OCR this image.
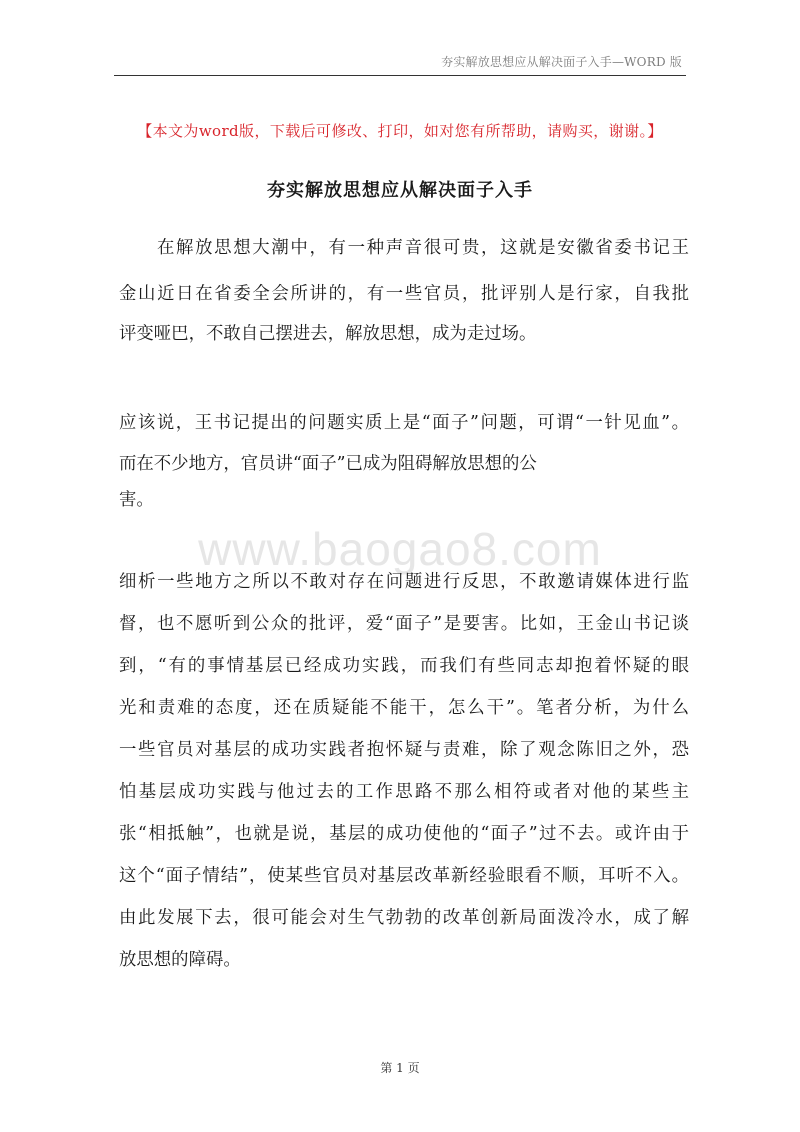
夯实解放思想应从解决面子入手—WORD 版
【本文为word版，下载后可修改、打印，如对您有所帮助，请购买，谢谢。】
夯实解放思想应从解决面子入手
在解放思想大潮中，有一种声音很可贵，这就是安徽省委书记王
金山近日在省委全会所讲的，有一些官员，批评别人是行家，自我批
评变哑巴，不敢自己摆进去，解放思想，成为走过场。
应该说，王书记提出的问题实质上是“面子”问题，可谓“一针见血”。
而在不少地方，官员讲“面子”已成为阻碍解放思想的公
害。
www.baogao8.com
细析一些地方之所以不敢对存在问题进行反思，不敢邀请媒体进行监
督，也不愿听到公众的批评，爱“面子”是要害。比如，王金山书记谈
到，“有的事情基层已经成功实践，而我们有些同志却抱着怀疑的眼
光和责难的态度，还在质疑能不能干，怎么干”。笔者分析，为什么
一些官员对基层的成功实践者抱怀疑与责难，除了观念陈旧之外，恐
怕基层成功实践与他过去的工作思路不那么相符或者对他的某些主
张“相抵触”，也就是说，基层的成功使他的“面子”过不去。或许由于
这个“面子情结”，使某些官员对基层改革新经验眼看不顺，耳听不入。
由此发展下去，很可能会对生气勃勃的改革创新局面泼冷水，成了解
放思想的障碍。
第 1 页
